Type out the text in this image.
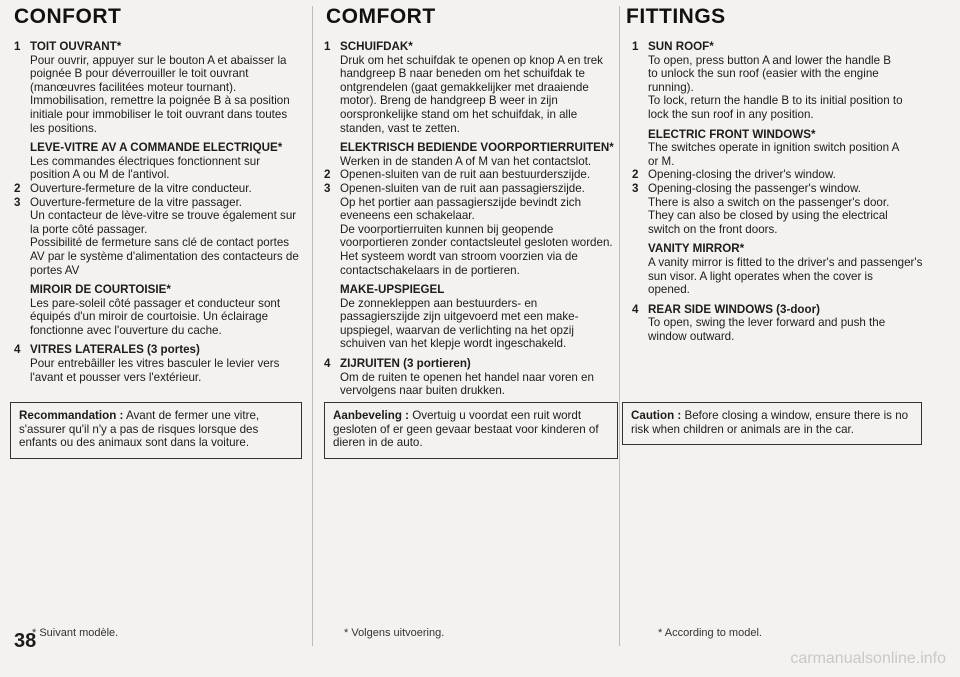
CONFORT
1 TOIT OUVRANT*
Pour ouvrir, appuyer sur le bouton A et abaisser la
poignée B pour déverrouiller le toit ouvrant
(manœuvres facilitées moteur tournant).
Immobilisation, remettre la poignée B à sa position
initiale pour immobiliser le toit ouvrant dans toutes
les positions.
LEVE-VITRE AV A COMMANDE ELECTRIQUE*
Les commandes électriques fonctionnent sur
position A ou M de l'antivol.
2 Ouverture-fermeture de la vitre conducteur.
3 Ouverture-fermeture de la vitre passager.
Un contacteur de lève-vitre se trouve également sur
la porte côté passager.
Possibilité de fermeture sans clé de contact portes
AV par le système d'alimentation des contacteurs de
portes AV
MIROIR DE COURTOISIE*
Les pare-soleil côté passager et conducteur sont
équipés d'un miroir de courtoisie. Un éclairage
fonctionne avec l'ouverture du cache.
4 VITRES LATERALES (3 portes)
Pour entrebâiller les vitres basculer le levier vers
l'avant et pousser vers l'extérieur.
Recommandation : Avant de fermer une vitre, s'assurer qu'il n'y a pas de risques lorsque des enfants ou des animaux sont dans la voiture.
* Suivant modèle.
38
COMFORT
1 SCHUIFDAK*
Druk om het schuifdak te openen op knop A en trek
handgreep B naar beneden om het schuifdak te
ontgrendelen (gaat gemakkelijker met draaiende
motor). Breng de handgreep B weer in zijn
oorspronkelijke stand om het schuifdak, in alle
standen, vast te zetten.
ELEKTRISCH BEDIENDE VOORPORTIERRUITEN*
Werken in de standen A of M van het contactslot.
2 Openen-sluiten van de ruit aan bestuurderszijde.
3 Openen-sluiten van de ruit aan passagierszijde.
Op het portier aan passagierszijde bevindt zich
eveneens een schakelaar.
De voorportierruiten kunnen bij geopende
voorportieren zonder contactsleutel gesloten worden.
Het systeem wordt van stroom voorzien via de
contactschakelaars in de portieren.
MAKE-UPSPIEGEL
De zonnekleppen aan bestuurders- en
passagierszijde zijn uitgevoerd met een make-
upspiegel, waarvan de verlichting na het opzij
schuiven van het klepje wordt ingeschakeld.
4 ZIJRUITEN (3 portieren)
Om de ruiten te openen het handel naar voren en
vervolgens naar buiten drukken.
Aanbeveling : Overtuig u voordat een ruit wordt gesloten of er geen gevaar bestaat voor kinderen of dieren in de auto.
* Volgens uitvoering.
FITTINGS
1 SUN ROOF*
To open, press button A and lower the handle B
to unlock the sun roof (easier with the engine
running).
To lock, return the handle B to its initial position to
lock the sun roof in any position.
ELECTRIC FRONT WINDOWS*
The switches operate in ignition switch position A
or M.
2 Opening-closing the driver's window.
3 Opening-closing the passenger's window.
There is also a switch on the passenger's door.
They can also be closed by using the electrical
switch on the front doors.
VANITY MIRROR*
A vanity mirror is fitted to the driver's and passenger's
sun visor. A light operates when the cover is
opened.
4 REAR SIDE WINDOWS (3-door)
To open, swing the lever forward and push the
window outward.
Caution : Before closing a window, ensure there is no risk when children or animals are in the car.
* According to model.
carmanualsonline.info
